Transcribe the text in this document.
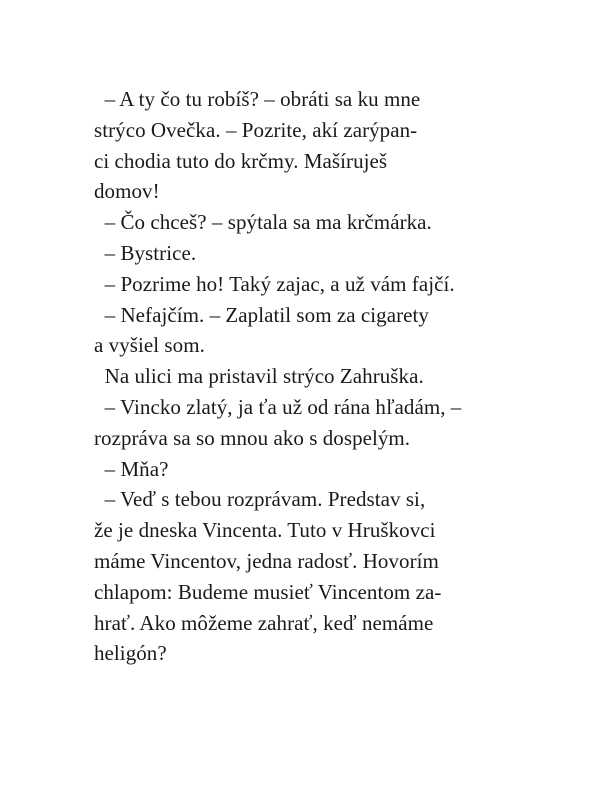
– A ty čo tu robíš? – obráti sa ku mne
strýco Ovečka. – Pozrite, akí zarýpan-
ci chodia tuto do krčmy. Mašíruješ
domov!
– Čo chceš? – spýtala sa ma krčmárka.
– Bystrice.
– Pozrime ho! Taký zajac, a už vám fajčí.
– Nefajčím. – Zaplatil som za cigarety
a vyšiel som.
Na ulici ma pristavil strýco Zahruška.
– Vincko zlatý, ja ťa už od rána hľadám, –
rozpráva sa so mnou ako s dospelým.
– Mňa?
– Veď s tebou rozprávam. Predstav si,
že je dneska Vincenta. Tuto v Hruškovci
máme Vincentov, jedna radosť. Hovorím
chlapom: Budeme musieť Vincentom za-
hrať. Ako môžeme zahrať, keď nemáme
heligón?
